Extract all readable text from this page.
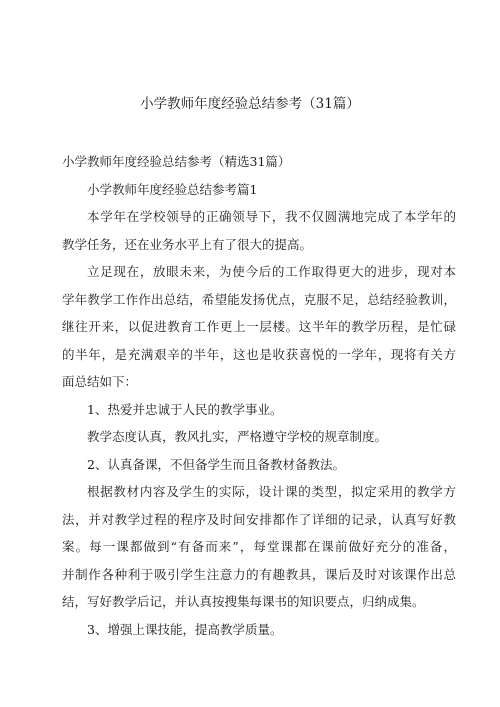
小学教师年度经验总结参考（31篇）
小学教师年度经验总结参考（精选31篇）
小学教师年度经验总结参考篇1
本学年在学校领导的正确领导下，我不仅圆满地完成了本学年的
教学任务，还在业务水平上有了很大的提高。
立足现在，放眼未来，为使今后的工作取得更大的进步，现对本
学年教学工作作出总结，希望能发扬优点，克服不足，总结经验教训，
继往开来，以促进教育工作更上一层楼。这半年的教学历程，是忙碌
的半年，是充满艰辛的半年，这也是收获喜悦的一学年，现将有关方
面总结如下：
1、热爱并忠诚于人民的教学事业。
教学态度认真，教风扎实，严格遵守学校的规章制度。
2、认真备课，不但备学生而且备教材备教法。
根据教材内容及学生的实际，设计课的类型，拟定采用的教学方
法，并对教学过程的程序及时间安排都作了详细的记录，认真写好教
案。每一课都做到“有备而来”，每堂课都在课前做好充分的准备，
并制作各种利于吸引学生注意力的有趣教具，课后及时对该课作出总
结，写好教学后记，并认真按搜集每课书的知识要点，归纳成集。
3、增强上课技能，提高教学质量。
